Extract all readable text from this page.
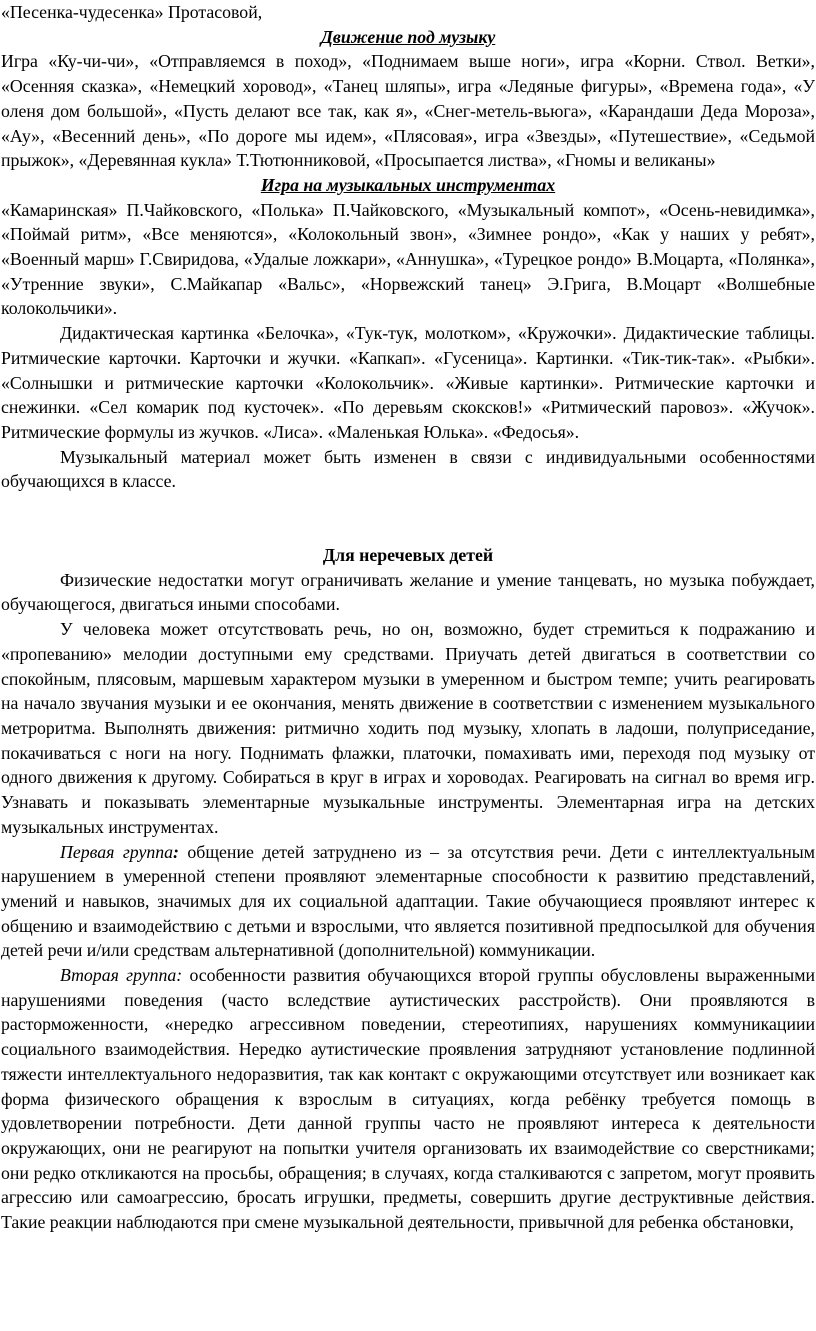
«Песенка-чудесенка» Протасовой,

Движение под музыку

Игра «Ку-чи-чи», «Отправляемся в поход», «Поднимаем выше ноги», игра «Корни. Ствол. Ветки», «Осенняя сказка», «Немецкий хоровод», «Танец шляпы», игра «Ледяные фигуры», «Времена года», «У оленя дом большой», «Пусть делают все так, как я», «Снег-метель-вьюга», «Карандаши Деда Мороза», «Ау», «Весенний день», «По дороге мы идем», «Плясовая», игра «Звезды», «Путешествие», «Седьмой прыжок», «Деревянная кукла» Т.Тютюнниковой, «Просыпается листва», «Гномы и великаны»

Игра на музыкальных инструментах

«Камаринская» П.Чайковского, «Полька» П.Чайковского, «Музыкальный компот», «Осень-невидимка», «Поймай ритм», «Все меняются», «Колокольный звон», «Зимнее рондо», «Как у наших у ребят», «Военный марш» Г.Свиридова, «Удалые ложкари», «Аннушка», «Турецкое рондо» В.Моцарта, «Полянка», «Утренние звуки», С.Майкапар «Вальс», «Норвежский танец» Э.Грига, В.Моцарт «Волшебные колокольчики».

Дидактическая картинка «Белочка», «Тук-тук, молотком», «Кружочки». Дидактические таблицы. Ритмические карточки. Карточки и жучки. «Капкап». «Гусеница». Картинки. «Тик-тик-так». «Рыбки». «Солнышки и ритмические карточки «Колокольчик». «Живые картинки». Ритмические карточки и снежинки. «Сел комарик под кусточек». «По деревьям скоксков!» «Ритмический паровоз». «Жучок». Ритмические формулы из жучков. «Лиса». «Маленькая Юлька». «Федосья».

Музыкальный материал может быть изменен в связи с индивидуальными особенностями обучающихся в классе.

Для неречевых детей

Физические недостатки могут ограничивать желание и умение танцевать, но музыка побуждает, обучающегося, двигаться иными способами.

У человека может отсутствовать речь, но он, возможно, будет стремиться к подражанию и «пропеванию» мелодии доступными ему средствами. Приучать детей двигаться в соответствии со спокойным, плясовым, маршевым характером музыки в умеренном и быстром темпе; учить реагировать на начало звучания музыки и ее окончания, менять движение в соответствии с изменением музыкального метроритма. Выполнять движения: ритмично ходить под музыку, хлопать в ладоши, полуприседание, покачиваться с ноги на ногу. Поднимать флажки, платочки, помахивать ими, переходя под музыку от одного движения к другому. Собираться в круг в играх и хороводах. Реагировать на сигнал во время игр. Узнавать и показывать элементарные музыкальные инструменты. Элементарная игра на детских музыкальных инструментах.

Первая группа: общение детей затруднено из – за отсутствия речи. Дети с интеллектуальным нарушением в умеренной степени проявляют элементарные способности к развитию представлений, умений и навыков, значимых для их социальной адаптации. Такие обучающиеся проявляют интерес к общению и взаимодействию с детьми и взрослыми, что является позитивной предпосылкой для обучения детей речи и/или средствам альтернативной (дополнительной) коммуникации.

Вторая группа: особенности развития обучающихся второй группы обусловлены выраженными нарушениями поведения (часто вследствие аутистических расстройств). Они проявляются в расторможенности, «нередко агрессивном поведении, стереотипиях, нарушениях коммуникациии социального взаимодействия. Нередко аутистические проявления затрудняют установление подлинной тяжести интеллектуального недоразвития, так как контакт с окружающими отсутствует или возникает как форма физического обращения к взрослым в ситуациях, когда ребёнку требуется помощь в удовлетворении потребности. Дети данной группы часто не проявляют интереса к деятельности окружающих, они не реагируют на попытки учителя организовать их взаимодействие со сверстниками; они редко откликаются на просьбы, обращения; в случаях, когда сталкиваются с запретом, могут проявить агрессию или самоагрессию, бросать игрушки, предметы, совершить другие деструктивные действия. Такие реакции наблюдаются при смене музыкальной деятельности, привычной для ребенка обстановки,
